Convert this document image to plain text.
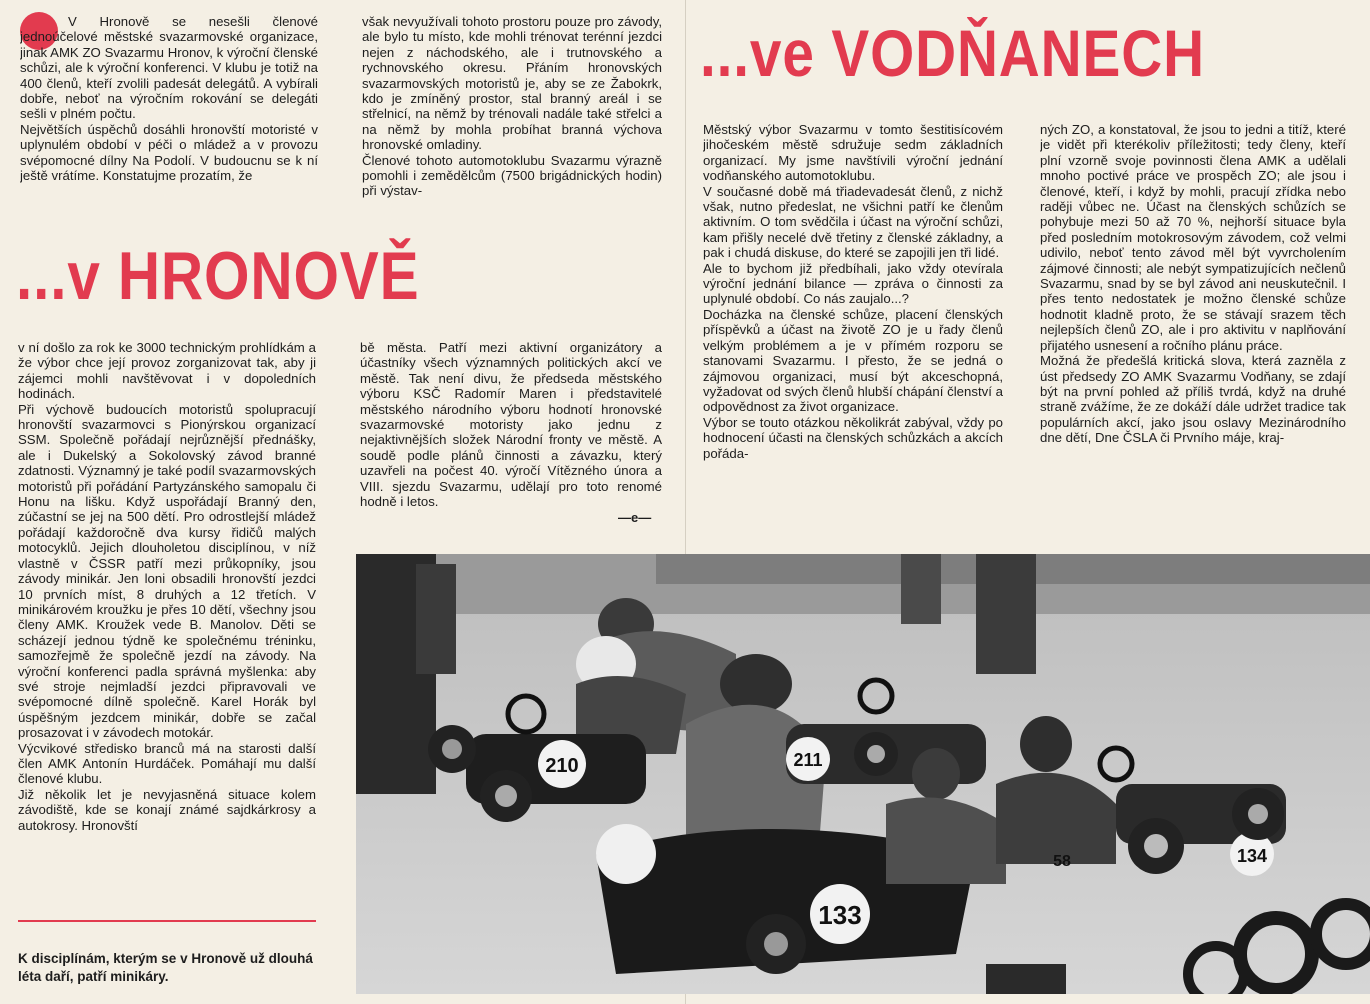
V Hronově se nesešli členové jednoúčelové městské svazarmovské organizace, jinak AMK ZO Svazarmu Hronov, k výroční členské schůzi, ale k výroční konferenci. V klubu je totiž na 400 členů, kteří zvolili padesát delegátů. A vybírali dobře, neboť na výročním rokování se delegáti sešli v plném počtu.

Největších úspěchů dosáhli hronovští motoristé v uplynulém období v péči o mládež a v provozu svépomocné dílny Na Podolí. V budoucnu se k ní ještě vrátíme. Konstatujme prozatím, že

však nevyužívali tohoto prostoru pouze pro závody, ale bylo tu místo, kde mohli trénovat terénní jezdci nejen z náchodského, ale i trutnovského a rychnovského okresu. Přáním hronovských svazarmovských motoristů je, aby se ze Žabokrk, kdo je zmíněný prostor, stal branný areál i se střelnicí, na němž by trénovali nadále také střelci a na němž by mohla probíhat branná výchova hronovské omladiny.

Členové tohoto automotoklubu Svazarmu výrazně pomohli i zemědělcům (7500 brigádnických hodin) při výstav-

...v HRONOVĚ
...ve VODŇANECH

Městský výbor Svazarmu v tomto šestitisícovém jihočeském městě sdružuje sedm základních organizací. My jsme navštívili výroční jednání vodňanského automotoklubu.

V současné době má třiadevadesát členů, z nichž však, nutno předeslat, ne všichni patří ke členům aktivním. O tom svědčila i účast na výroční schůzi, kam přišly necelé dvě třetiny z členské základny, a pak i chudá diskuse, do které se zapojili jen tři lidé.

Ale to bychom již předbíhali, jako vždy otevírala výroční jednání bilance — zpráva o činnosti za uplynulé období. Co nás zaujalo...?

Docházka na členské schůze, placení členských příspěvků a účast na životě ZO je u řady členů velkým problémem a je v přímém rozporu se stanovami Svazarmu. I přesto, že se jedná o zájmovou organizaci, musí být akceschopná, vyžadovat od svých členů hlubší chápání členství a odpovědnost za život organizace.

Výbor se touto otázkou několikrát zabýval, vždy po hodnocení účasti na členských schůzkách a akcích pořáda-

ných ZO, a konstatoval, že jsou to jedni a titíž, které je vidět při kterékoliv příležitosti; tedy členy, kteří plní vzorně svoje povinnosti člena AMK a udělali mnoho poctivé práce ve prospěch ZO; ale jsou i členové, kteří, i když by mohli, pracují zřídka nebo raději vůbec ne. Účast na členských schůzích se pohybuje mezi 50 až 70 %, nejhorší situace byla před posledním motokrosovým závodem, což velmi udivilo, neboť tento závod měl být vyvrcholením zájmové činnosti; ale nebýt sympatizujících nečlenů Svazarmu, snad by se byl závod ani neuskutečnil. I přes tento nedostatek je možno členské schůze hodnotit kladně proto, že se stávají srazem těch nejlepších členů ZO, ale i pro aktivitu v naplňování přijatého usnesení a ročního plánu práce.

Možná že předešlá kritická slova, která zazněla z úst předsedy ZO AMK Svazarmu Vodňany, se zdají být na první pohled až příliš tvrdá, když na druhé straně zvážíme, že ze dokáží dále udržet tradice tak populárních akcí, jako jsou oslavy Mezinárodního dne dětí, Dne ČSLA či Prvního máje, kraj-

v ní došlo za rok ke 3000 technickým prohlídkám a že výbor chce její provoz zorganizovat tak, aby ji zájemci mohli navštěvovat i v dopoledních hodinách.

Při výchově budoucích motoristů spolupracují hronovští svazarmovci s Pionýrskou organizací SSM. Společně pořádají nejrůznější přednášky, ale i Dukelský a Sokolovský závod branné zdatnosti. Významný je také podíl svazarmovských motoristů při pořádání Partyzánského samopalu či Honu na lišku. Když uspořádají Branný den, zúčastní se jej na 500 dětí. Pro odrostlejší mládež pořádají každoročně dva kursy řidičů malých motocyklů. Jejich dlouholetou disciplínou, v níž vlastně v ČSSR patří mezi průkopníky, jsou závody minikár. Jen loni obsadili hronovští jezdci 10 prvních míst, 8 druhých a 12 třetích. V minikárovém kroužku je přes 10 dětí, všechny jsou členy AMK. Kroužek vede B. Manolov. Děti se scházejí jednou týdně ke společnému tréninku, samozřejmě že společně jezdí na závody. Na výroční konferenci padla správná myšlenka: aby své stroje nejmladší jezdci připravovali ve svépomocné dílně společně. Karel Horák byl úspěšným jezdcem minikár, dobře se začal prosazovat i v závodech motokár.

Výcvikové středisko branců má na starosti další člen AMK Antonín Hurdáček. Pomáhají mu další členové klubu.

Již několik let je nevyjasněná situace kolem závodiště, kde se konají známé sajdkárkrosy a autokrosy. Hronovští

bě města. Patří mezi aktivní organizátory a účastníky všech významných politických akcí ve městě. Tak není divu, že předseda městského výboru KSČ Radomír Maren i představitelé městského národního výboru hodnotí hronovské svazarmovské motoristy jako jednu z nejaktivnějších složek Národní fronty ve městě. A soudě podle plánů činnosti a závazku, který uzavřeli na počest 40. výročí Vítězného února a VIII. sjezdu Svazarmu, udělají pro toto renomé hodně i letos.

—e—
K disciplínám, kterým se v Hronově už dlouhá léta daří, patří minikáry.
210	211
133
134
58
